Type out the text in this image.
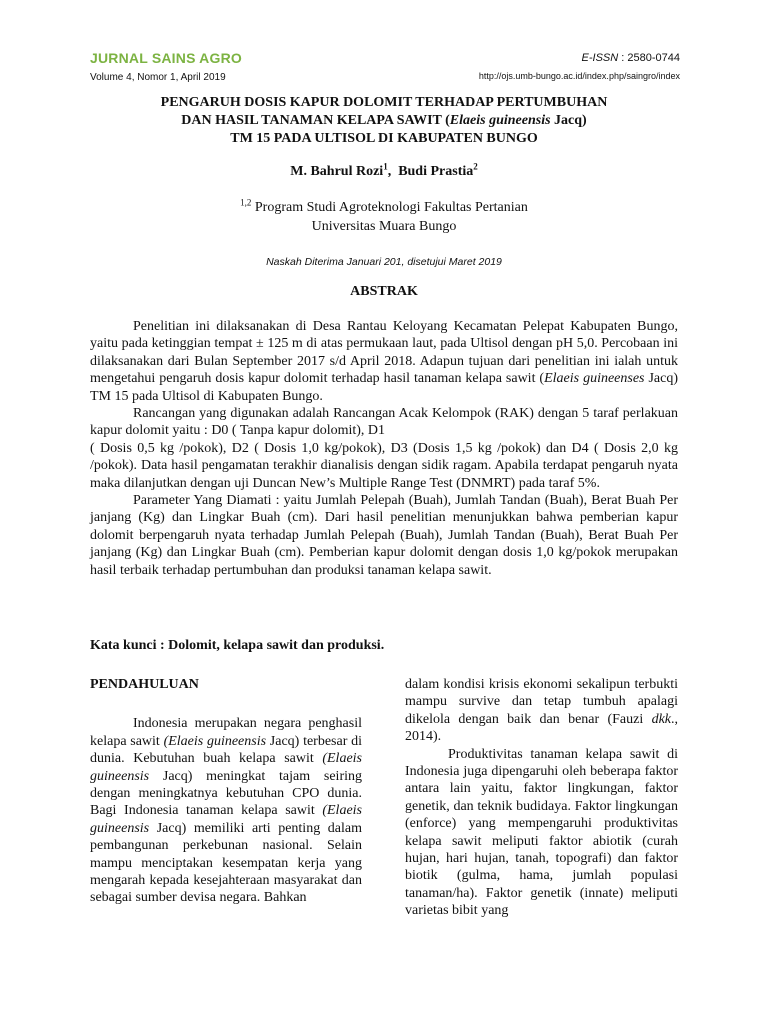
JURNAL SAINS AGRO
Volume 4, Nomor 1, April 2019
E-ISSN : 2580-0744
http://ojs.umb-bungo.ac.id/index.php/saingro/index
PENGARUH DOSIS KAPUR DOLOMIT TERHADAP PERTUMBUHAN
DAN HASIL TANAMAN KELAPA SAWIT (Elaeis guineensis Jacq)
TM 15 PADA ULTISOL DI KABUPATEN BUNGO
M. Bahrul Rozi$^1$,  Budi Prastia$^2$
$^{1,2}$ Program Studi Agroteknologi Fakultas Pertanian
Universitas Muara Bungo
Naskah Diterima Januari 201, disetujui Maret 2019
ABSTRAK

Penelitian ini dilaksanakan di Desa Rantau Keloyang Kecamatan Pelepat Kabupaten Bungo, yaitu pada ketinggian tempat ± 125 m di atas permukaan laut, pada Ultisol dengan pH 5,0. Percobaan ini dilaksanakan dari Bulan September 2017 s/d April 2018. Adapun tujuan dari penelitian ini ialah untuk mengetahui pengaruh dosis kapur dolomit terhadap hasil tanaman kelapa sawit (Elaeis guineenses Jacq) TM 15 pada Ultisol di Kabupaten Bungo.

Rancangan yang digunakan adalah Rancangan Acak Kelompok (RAK) dengan 5 taraf perlakuan kapur dolomit yaitu : D0 ( Tanpa kapur dolomit), D1

( Dosis 0,5 kg /pokok), D2 ( Dosis 1,0 kg/pokok), D3 (Dosis 1,5 kg /pokok) dan D4 ( Dosis 2,0 kg /pokok). Data hasil pengamatan terakhir dianalisis dengan sidik ragam. Apabila terdapat pengaruh nyata maka dilanjutkan dengan uji Duncan New’s Multiple Range Test (DNMRT) pada taraf 5%.

Parameter Yang Diamati : yaitu Jumlah Pelepah (Buah), Jumlah Tandan (Buah), Berat Buah Per janjang (Kg) dan Lingkar Buah (cm). Dari hasil penelitian menunjukkan bahwa pemberian kapur dolomit berpengaruh nyata terhadap Jumlah Pelepah (Buah), Jumlah Tandan (Buah), Berat Buah Per janjang (Kg) dan Lingkar Buah (cm). Pemberian kapur dolomit dengan dosis 1,0 kg/pokok merupakan hasil terbaik terhadap pertumbuhan dan produksi tanaman kelapa sawit.

Kata kunci : Dolomit, kelapa sawit dan produksi.
PENDAHULUAN

Indonesia merupakan negara penghasil kelapa sawit (Elaeis guineensis Jacq) terbesar di dunia. Kebutuhan buah kelapa sawit (Elaeis guineensis Jacq) meningkat tajam seiring dengan meningkatnya kebutuhan CPO dunia. Bagi Indonesia tanaman kelapa sawit (Elaeis guineensis Jacq) memiliki arti penting dalam pembangunan perkebunan nasional. Selain mampu menciptakan kesempatan kerja yang mengarah kepada kesejahteraan masyarakat dan sebagai sumber devisa negara. Bahkan

dalam kondisi krisis ekonomi sekalipun terbukti mampu survive dan tetap tumbuh apalagi dikelola dengan baik dan benar (Fauzi dkk., 2014).

Produktivitas tanaman kelapa sawit di Indonesia juga dipengaruhi oleh beberapa faktor antara lain yaitu, faktor lingkungan, faktor genetik, dan teknik budidaya. Faktor lingkungan (enforce) yang mempengaruhi produktivitas kelapa sawit meliputi faktor abiotik (curah hujan, hari hujan, tanah, topografi) dan faktor biotik (gulma, hama, jumlah populasi tanaman/ha). Faktor genetik (innate) meliputi varietas bibit yang
